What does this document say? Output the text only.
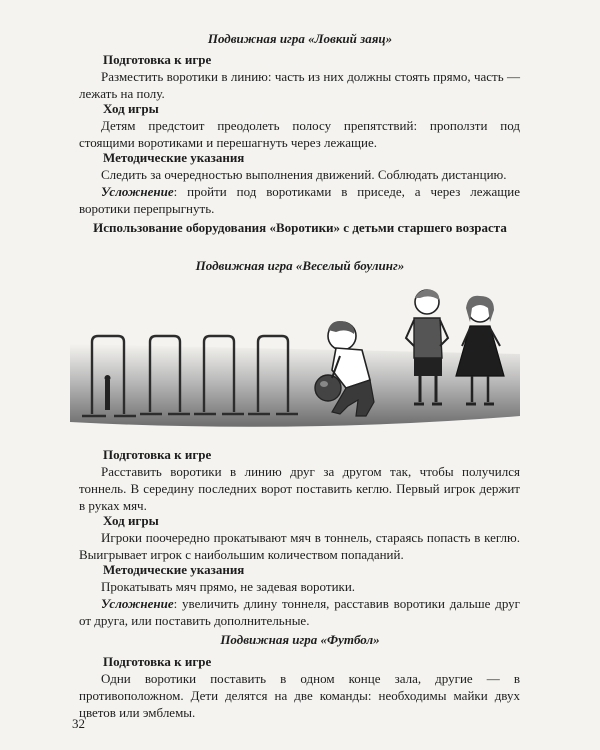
Подвижная игра «Ловкий заяц»
Подготовка к игре

Разместить воротики в линию: часть из них должны стоять прямо, часть — лежать на полу.

Ход игры

Детям предстоит преодолеть полосу препятствий: проползти под стоящими воротиками и перешагнуть через лежащие.

Методические указания

Следить за очередностью выполнения движений. Соблюдать дистанцию.

Усложнение: пройти под воротиками в приседе, а через лежащие воротики перепрыгнуть.

Использование оборудования «Воротики» с детьми старшего возраста
Подвижная игра «Веселый боулинг»
Подготовка к игре

Расставить воротики в линию друг за другом так, чтобы получился тоннель. В середину последних ворот поставить кеглю. Первый игрок держит в руках мяч.

Ход игры

Игроки поочередно прокатывают мяч в тоннель, стараясь попасть в кеглю. Выигрывает игрок с наибольшим количеством попаданий.

Методические указания

Прокатывать мяч прямо, не задевая воротики.

Усложнение: увеличить длину тоннеля, расставив воротики дальше друг от друга, или поставить дополнительные.

Подвижная игра «Футбол»
Подготовка к игре

Одни воротики поставить в одном конце зала, другие — в противоположном. Дети делятся на две команды: необходимы майки двух цветов или эмблемы.

32
